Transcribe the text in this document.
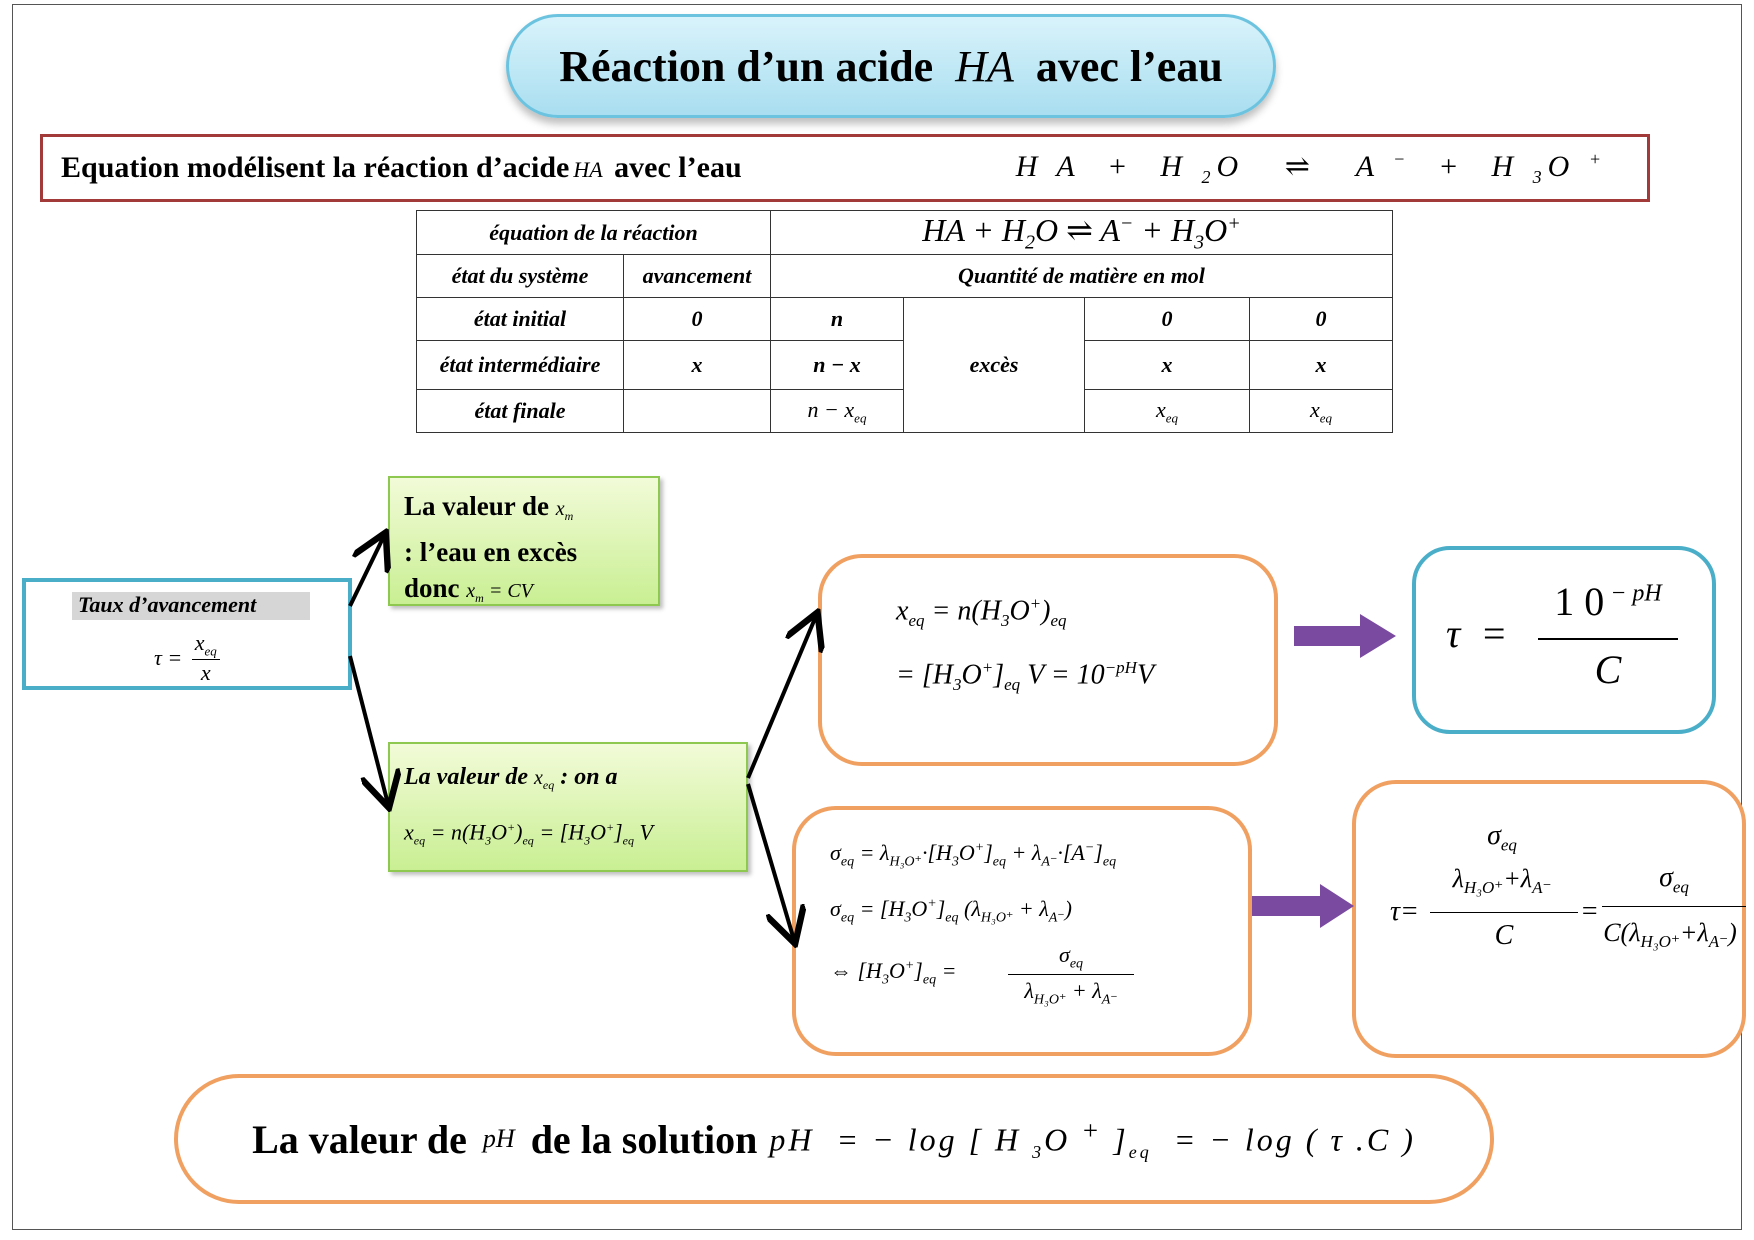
Réaction d’un acide HA avec l’eau
Equation modélisent la réaction d’acide HA avec l’eau	H A  +  H $_2$O   ⇌   A −  +  H $_3$O +
équation de la réaction		HA + $H_2O$ ⇌ $A^- + H_3O^+$
état du système	avancement	Quantité de matière en mol			
état initial	0	n	excès	0	0
état intermédiaire	x	n − x		x	x
état finale		$n - x_{eq}$		$x_{eq}$	$x_{eq}$
Taux d’avancement
τ =
$x_{eq}$
x
La valeur de $x_m$
: l’eau en excès
donc $x_m$ = CV
La valeur de $x_{eq}$ : on a
$x_{eq} = n(H_3O^+)_{eq} = [H_3O^+]_{eq}$ V
$x_{eq} = n(H_3O^+)_{eq}$
= $[H_3O^+]_{eq}$ $V = 10^{-pH}V$
τ  =
1 0 $^{- pH}$
C
$\sigma_{eq} = \lambda_{H_3O^+}\cdot[H_3O^+]_{eq} + \lambda_{A^-}\cdot[A^-]_{eq}$
$\sigma_{eq} = [H_3O^+]_{eq}$ $(\lambda_{H_3O^+} + \lambda_{A^-})$
⇔ $[H_3O^+]_{eq}$ =
$\sigma_{eq}$
$\lambda_{H_3O^+} + \lambda_{A^-}$
τ=
$\sigma_{eq}$
$\lambda_{H_3O^+}+\lambda_{A^-}$
C
=
$\sigma_{eq}$
$C(\lambda_{H_3O^+}+\lambda_{A^-})$
La valeur de pH de la solution pH  = − log [ H $_3$O + ]$_{eq}$  = − log ( τ .C )
